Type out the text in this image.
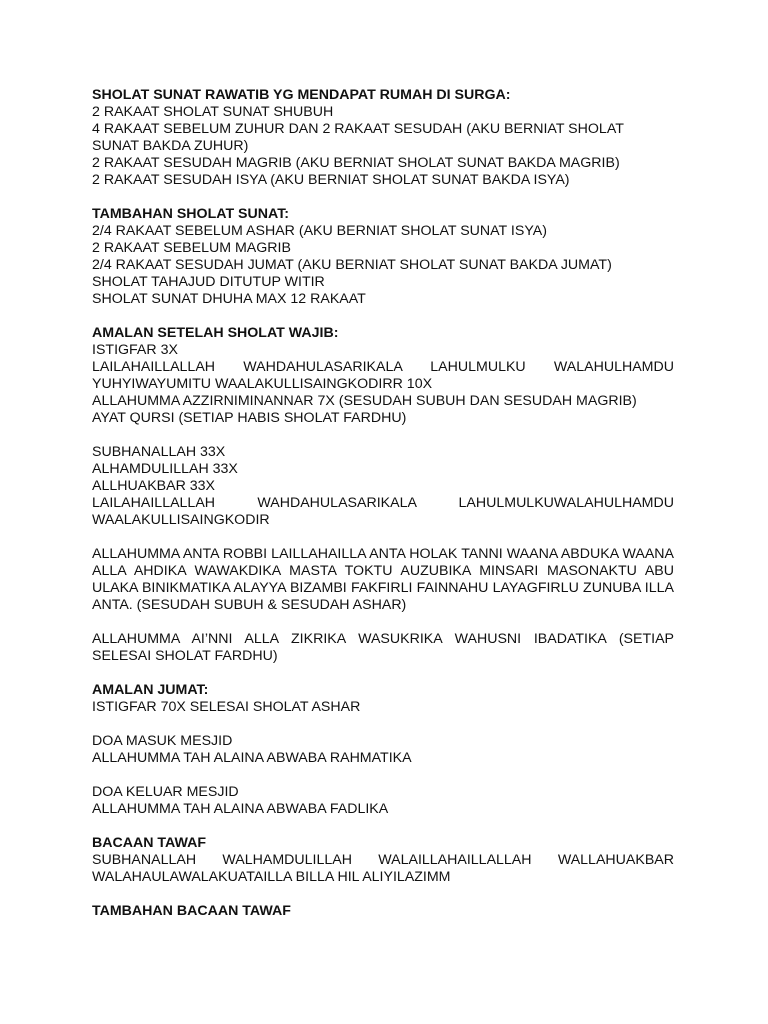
SHOLAT SUNAT RAWATIB YG MENDAPAT RUMAH DI SURGA:

2 RAKAAT SHOLAT SUNAT SHUBUH

4 RAKAAT SEBELUM ZUHUR DAN 2 RAKAAT SESUDAH (AKU BERNIAT SHOLAT SUNAT BAKDA ZUHUR)

2 RAKAAT SESUDAH MAGRIB (AKU BERNIAT SHOLAT SUNAT BAKDA MAGRIB)

2 RAKAAT SESUDAH ISYA (AKU BERNIAT SHOLAT SUNAT BAKDA ISYA)

TAMBAHAN SHOLAT SUNAT:

2/4 RAKAAT SEBELUM ASHAR (AKU BERNIAT SHOLAT SUNAT ISYA)

2 RAKAAT SEBELUM MAGRIB

2/4 RAKAAT SESUDAH JUMAT (AKU BERNIAT SHOLAT SUNAT BAKDA JUMAT)

SHOLAT TAHAJUD DITUTUP WITIR

SHOLAT SUNAT DHUHA MAX 12 RAKAAT

AMALAN SETELAH SHOLAT WAJIB:

ISTIGFAR 3X

LAILAHAILLALLAH WAHDAHULASARIKALA LAHULMULKU WALAHULHAMDU YUHYIWAYUMITU WAALAKULLISAINGKODIRR 10X

ALLAHUMMA AZZIRNIMINANNAR 7X (SESUDAH SUBUH DAN SESUDAH MAGRIB)

AYAT QURSI (SETIAP HABIS SHOLAT FARDHU)

SUBHANALLAH 33X

ALHAMDULILLAH 33X

ALLHUAKBAR 33X

LAILAHAILLALLAH WAHDAHULASARIKALA LAHULMULKUWALAHULHAMDU WAALAKULLISAINGKODIR

ALLAHUMMA ANTA ROBBI LAILLAHAILLA ANTA HOLAK TANNI WAANA ABDUKA WAANA ALLA AHDIKA WAWAKDIKA MASTA TOKTU AUZUBIKA MINSARI MASONAKTU ABU ULAKA BINIKMATIKA ALAYYA BIZAMBI FAKFIRLI FAINNAHU LAYAGFIRLU ZUNUBA ILLA ANTA. (SESUDAH SUBUH & SESUDAH ASHAR)

ALLAHUMMA AI’NNI ALLA ZIKRIKA WASUKRIKA WAHUSNI IBADATIKA (SETIAP SELESAI SHOLAT FARDHU)

AMALAN JUMAT:

ISTIGFAR 70X SELESAI SHOLAT ASHAR

DOA MASUK MESJID

ALLAHUMMA TAH ALAINA ABWABA RAHMATIKA

DOA KELUAR MESJID

ALLAHUMMA TAH ALAINA ABWABA FADLIKA

BACAAN TAWAF

SUBHANALLAH WALHAMDULILLAH WALAILLAHAILLALLAH WALLAHUAKBAR WALAHAULAWALAKUATAILLA BILLA HIL ALIYILAZIMM

TAMBAHAN BACAAN TAWAF
